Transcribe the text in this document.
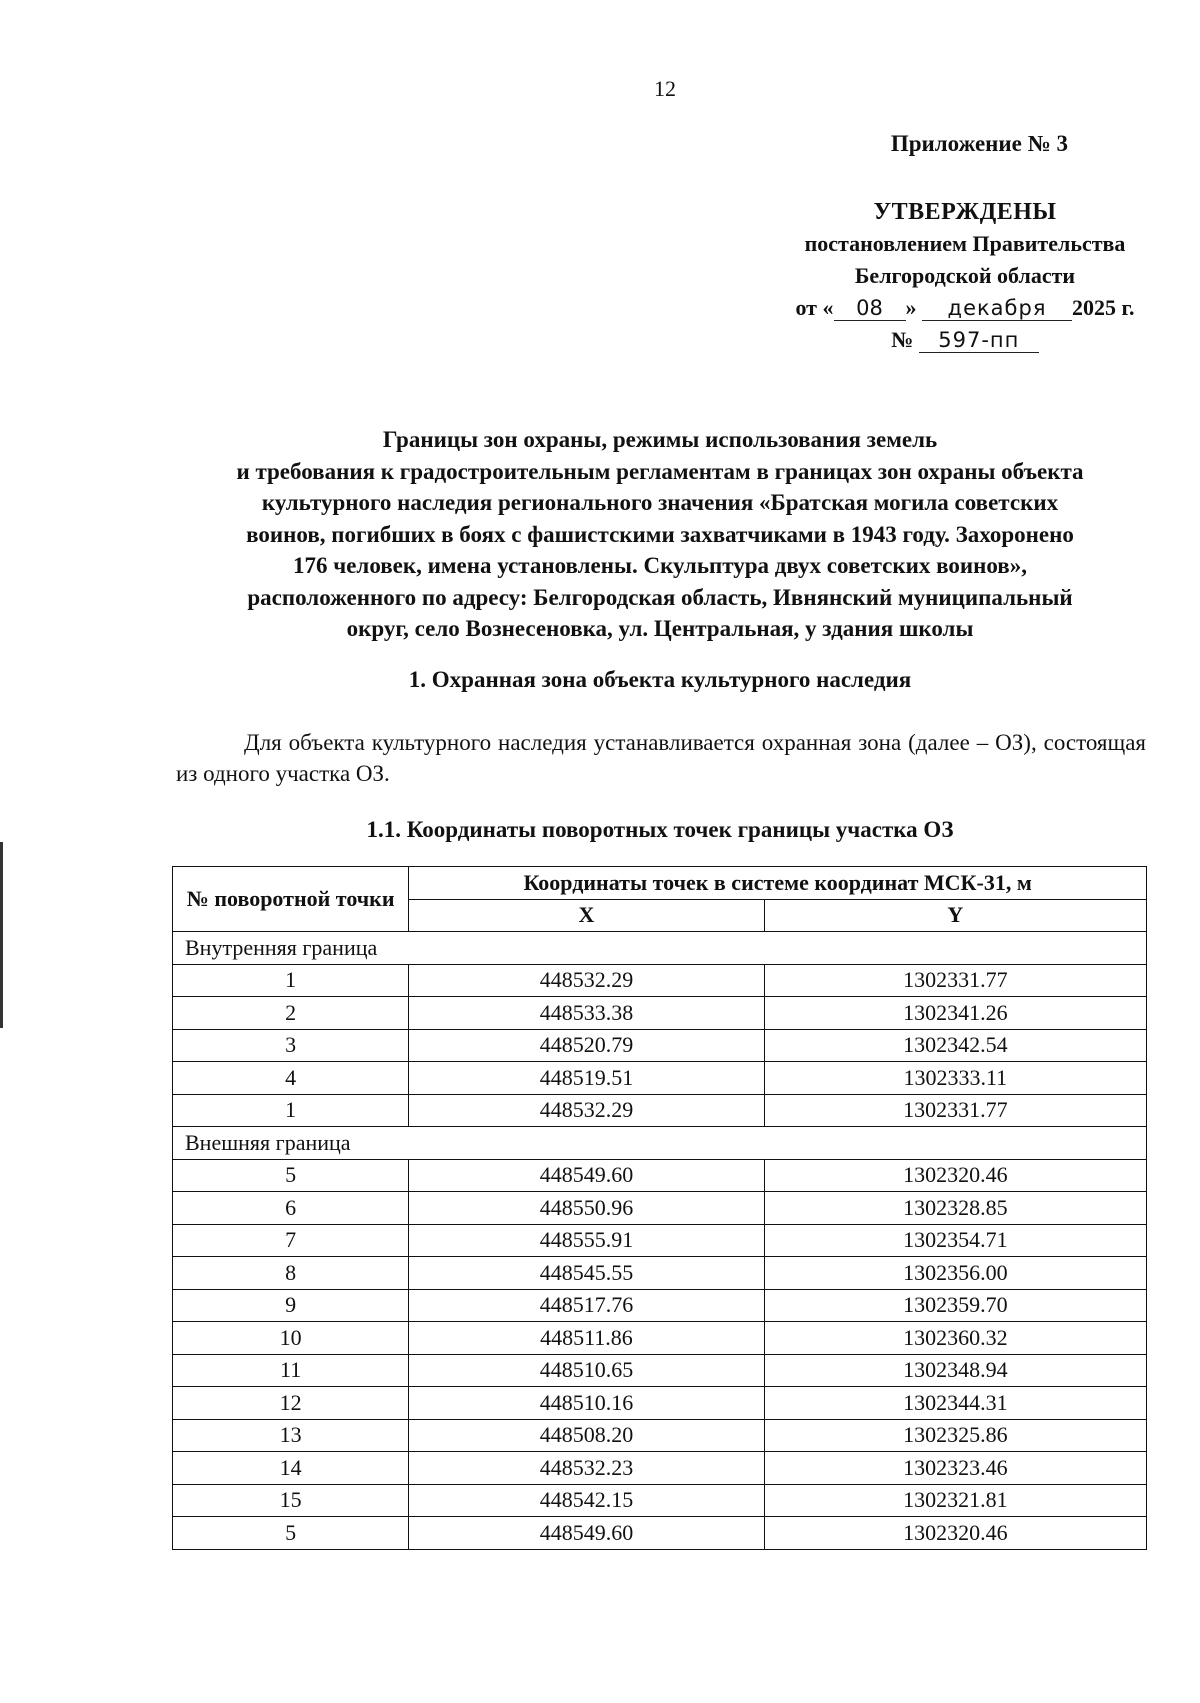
12
Приложение № 3
УТВЕРЖДЕНЫ
постановлением Правительства
Белгородской области
от « 08 » декабря 2025 г.
№ 597-пп
Границы зон охраны, режимы использования земель
и требования к градостроительным регламентам в границах зон охраны объекта
культурного наследия регионального значения «Братская могила советских
воинов, погибших в боях с фашистскими захватчиками в 1943 году. Захоронено
176 человек, имена установлены. Скульптура двух советских воинов»,
расположенного по адресу: Белгородская область, Ивнянский муниципальный
округ, село Вознесеновка, ул. Центральная, у здания школы
1. Охранная зона объекта культурного наследия
Для объекта культурного наследия устанавливается охранная зона (далее – ОЗ), состоящая из одного участка ОЗ.
1.1. Координаты поворотных точек границы участка ОЗ
№ поворотной точки	Координаты точек в системе координат МСК-31, м	
	X	Y
Внутренняя граница		
1	448532.29	1302331.77
2	448533.38	1302341.26
3	448520.79	1302342.54
4	448519.51	1302333.11
1	448532.29	1302331.77
Внешняя граница		
5	448549.60	1302320.46
6	448550.96	1302328.85
7	448555.91	1302354.71
8	448545.55	1302356.00
9	448517.76	1302359.70
10	448511.86	1302360.32
11	448510.65	1302348.94
12	448510.16	1302344.31
13	448508.20	1302325.86
14	448532.23	1302323.46
15	448542.15	1302321.81
5	448549.60	1302320.46
